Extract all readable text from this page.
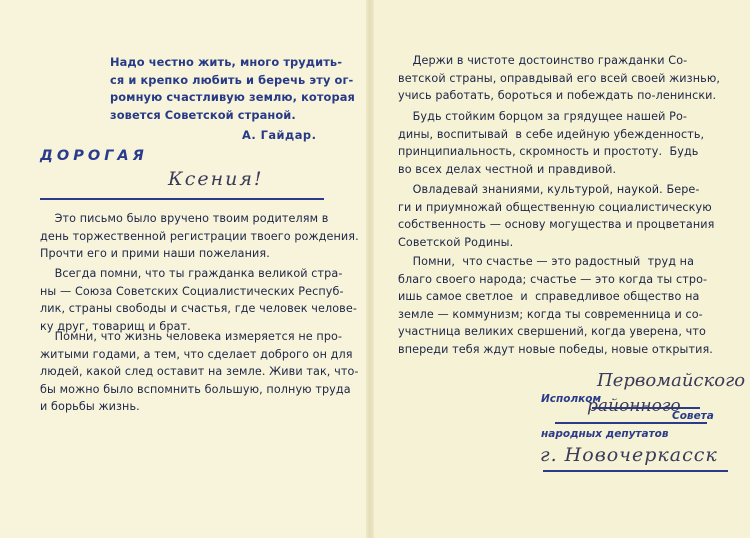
Надо честно жить, много трудить-
ся и крепко любить и беречь эту ог-
ромную счастливую землю, которая
зовется Советской страной.
А. Гайдар.
ДОРОГАЯ
Ксения!
Это письмо было вручено твоим родителям в
день торжественной регистрации твоего рождения.
Прочти его и прими наши пожелания.
Всегда помни, что ты гражданка великой стра-
ны — Союза Советских Социалистических Респуб-
лик, страны свободы и счастья, где человек челове-
ку друг, товарищ и брат.
Помни, что жизнь человека измеряется не про-
житыми годами, а тем, что сделает доброго он для
людей, какой след оставит на земле. Живи так, что-
бы можно было вспомнить большую, полную труда
и борьбы жизнь.
Держи в чистоте достоинство гражданки Со-
ветской страны, оправдывай его всей своей жизнью,
учись работать, бороться и побеждать по-ленински.
Будь стойким борцом за грядущее нашей Ро-
дины, воспитывай  в себе идейную убежденность,
принципиальность, скромность и простоту.  Будь
во всех делах честной и правдивой.
Овладевай знаниями, культурой, наукой. Бере-
ги и приумножай общественную социалистическую
собственность — основу могущества и процветания
Советской Родины.
Помни,  что счастье — это радостный  труд на
благо своего народа; счастье — это когда ты стро-
ишь самое светлое  и  справедливое общество на
земле — коммунизм; когда ты современница и со-
участница великих свершений, когда уверена, что
впереди тебя ждут новые победы, новые открытия.
Первомайского
Исполком
районного
Совета
народных депутатов
г. Новочеркасск
